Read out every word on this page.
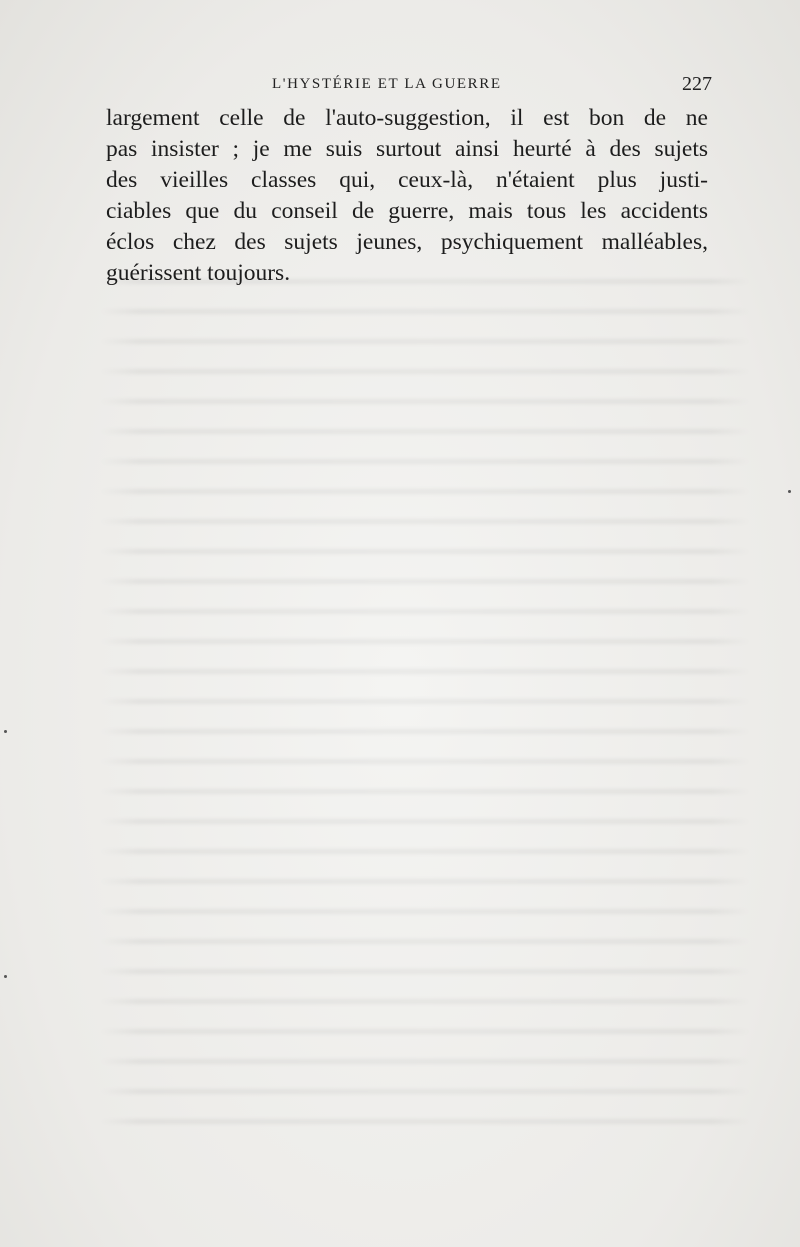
L'HYSTÉRIE ET LA GUERRE	227
largement celle de l'auto-suggestion, il est bon de ne
pas insister ; je me suis surtout ainsi heurté à des sujets
des vieilles classes qui, ceux-là, n'étaient plus justi-
ciables que du conseil de guerre, mais tous les accidents
éclos chez des sujets jeunes, psychiquement malléables,
guérissent toujours.
